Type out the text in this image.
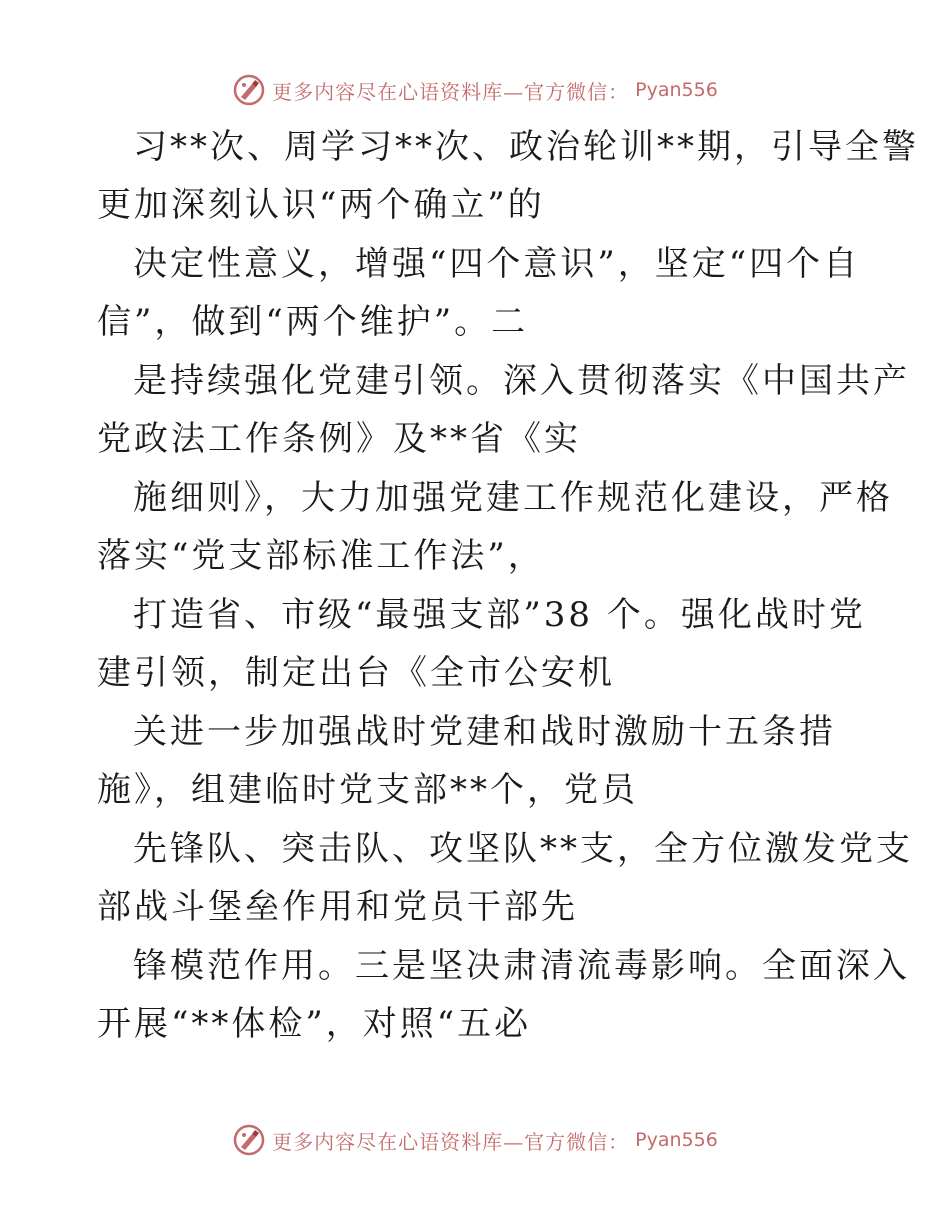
更多内容尽在心语资料库—官方微信： Pyan556
习**次、周学习**次、政治轮训**期，引导全警
更加深刻认识“两个确立”的
决定性意义，增强“四个意识”，坚定“四个自
信”，做到“两个维护”。二
是持续强化党建引领。深入贯彻落实《中国共产
党政法工作条例》及**省《实
施细则》，大力加强党建工作规范化建设，严格
落实“党支部标准工作法”，
打造省、市级“最强支部”38 个。强化战时党
建引领，制定出台《全市公安机
关进一步加强战时党建和战时激励十五条措
施》，组建临时党支部**个，党员
先锋队、突击队、攻坚队**支，全方位激发党支
部战斗堡垒作用和党员干部先
锋模范作用。三是坚决肃清流毒影响。全面深入
开展“**体检”，对照“五必
更多内容尽在心语资料库—官方微信： Pyan556
